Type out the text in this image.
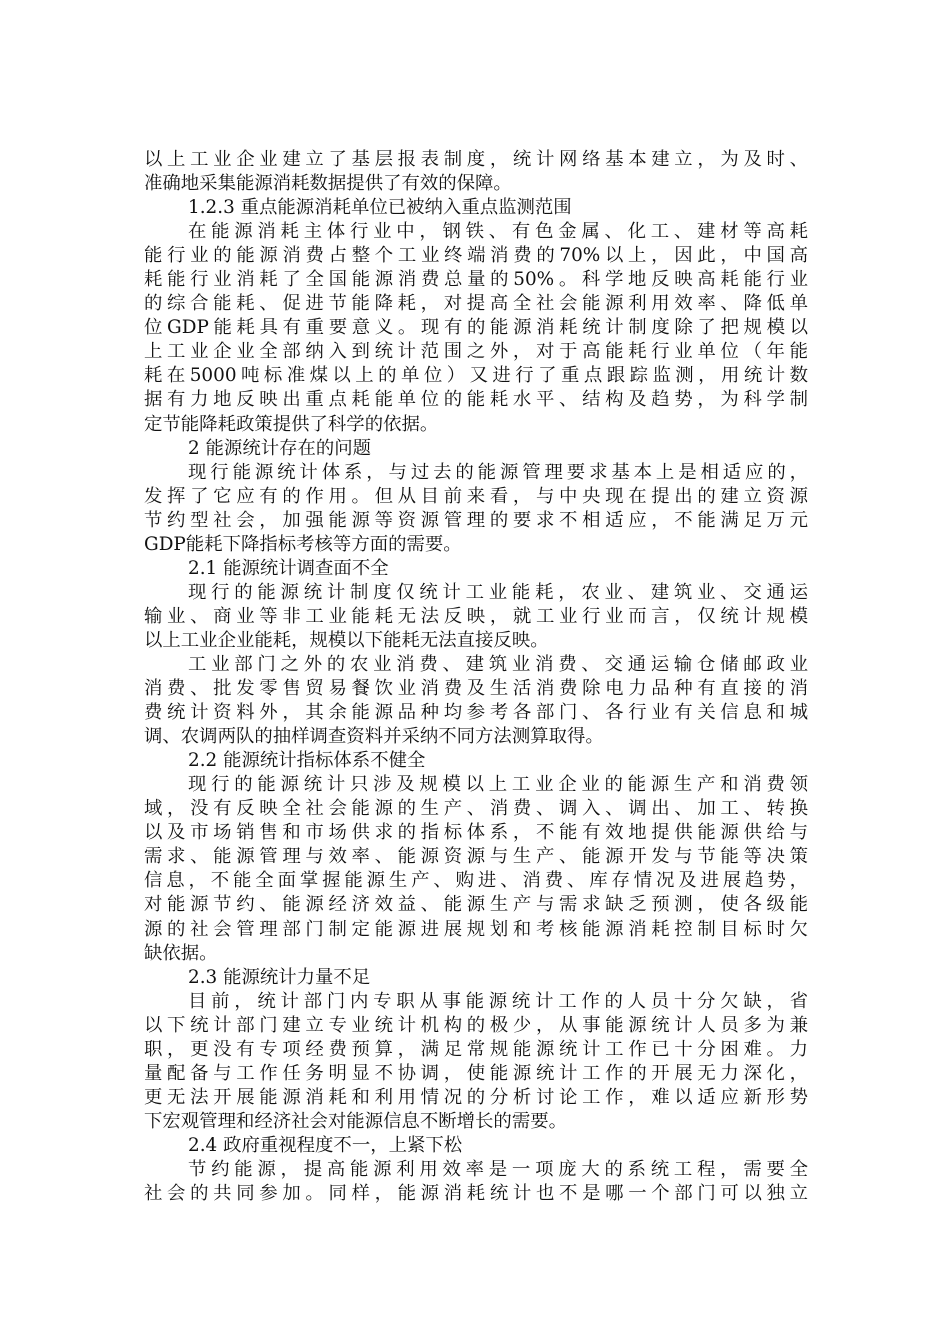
以上工业企业建立了基层报表制度，统计网络基本建立，为及时、
准确地采集能源消耗数据提供了有效的保障。
1.2.3 重点能源消耗单位已被纳入重点监测范围
在能源消耗主体行业中，钢铁、有色金属、化工、建材等高耗
能行业的能源消费占整个工业终端消费的70%以上，因此，中国高
耗能行业消耗了全国能源消费总量的50%。科学地反映高耗能行业
的综合能耗、促进节能降耗，对提高全社会能源利用效率、降低单
位GDP能耗具有重要意义。现有的能源消耗统计制度除了把规模以
上工业企业全部纳入到统计范围之外，对于高能耗行业单位（年能
耗在5000吨标准煤以上的单位）又进行了重点跟踪监测，用统计数
据有力地反映出重点耗能单位的能耗水平、结构及趋势，为科学制
定节能降耗政策提供了科学的依据。
2 能源统计存在的问题
现行能源统计体系，与过去的能源管理要求基本上是相适应的，
发挥了它应有的作用。但从目前来看，与中央现在提出的建立资源
节约型社会，加强能源等资源管理的要求不相适应，不能满足万元
GDP能耗下降指标考核等方面的需要。
2.1 能源统计调查面不全
现行的能源统计制度仅统计工业能耗，农业、建筑业、交通运
输业、商业等非工业能耗无法反映，就工业行业而言，仅统计规模
以上工业企业能耗，规模以下能耗无法直接反映。
工业部门之外的农业消费、建筑业消费、交通运输仓储邮政业
消费、批发零售贸易餐饮业消费及生活消费除电力品种有直接的消
费统计资料外，其余能源品种均参考各部门、各行业有关信息和城
调、农调两队的抽样调查资料并采纳不同方法测算取得。
2.2 能源统计指标体系不健全
现行的能源统计只涉及规模以上工业企业的能源生产和消费领
域，没有反映全社会能源的生产、消费、调入、调出、加工、转换
以及市场销售和市场供求的指标体系，不能有效地提供能源供给与
需求、能源管理与效率、能源资源与生产、能源开发与节能等决策
信息，不能全面掌握能源生产、购进、消费、库存情况及进展趋势，
对能源节约、能源经济效益、能源生产与需求缺乏预测，使各级能
源的社会管理部门制定能源进展规划和考核能源消耗控制目标时欠
缺依据。
2.3 能源统计力量不足
目前，统计部门内专职从事能源统计工作的人员十分欠缺，省
以下统计部门建立专业统计机构的极少，从事能源统计人员多为兼
职，更没有专项经费预算，满足常规能源统计工作已十分困难。力
量配备与工作任务明显不协调，使能源统计工作的开展无力深化，
更无法开展能源消耗和利用情况的分析讨论工作，难以适应新形势
下宏观管理和经济社会对能源信息不断增长的需要。
2.4 政府重视程度不一，上紧下松
节约能源，提高能源利用效率是一项庞大的系统工程，需要全
社会的共同参加。同样，能源消耗统计也不是哪一个部门可以独立
